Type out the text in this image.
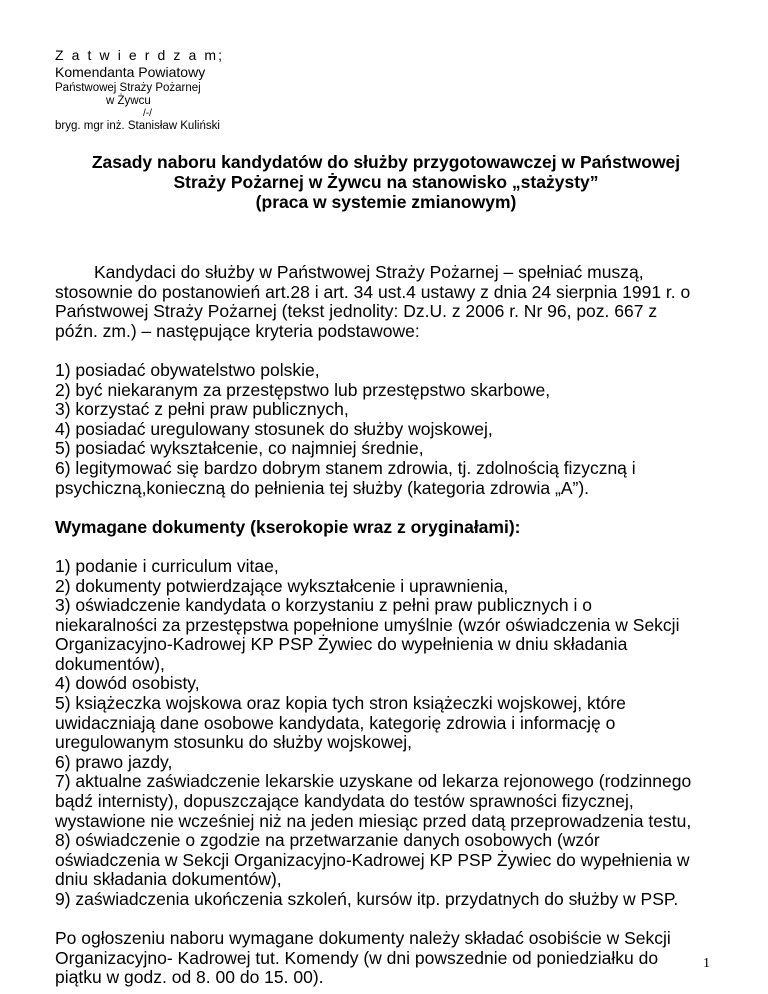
Z a t w i e r d z a m;
Komendanta Powiatowy
Państwowej Straży Pożarnej
w Żywcu
/-/
bryg. mgr inż. Stanisław Kuliński
Zasady naboru kandydatów do służby przygotowawczej w Państwowej
Straży Pożarnej w Żywcu na stanowisko „stażysty”
(praca w systemie zmianowym)
Kandydaci do służby w Państwowej Straży Pożarnej – spełniać muszą,
stosownie do postanowień art.28 i art. 34 ust.4 ustawy z dnia 24 sierpnia 1991 r. o
Państwowej Straży Pożarnej (tekst jednolity: Dz.U. z 2006 r. Nr 96, poz. 667 z
późn. zm.) – następujące kryteria podstawowe:
1) posiadać obywatelstwo polskie,
2) być niekaranym za przestępstwo lub przestępstwo skarbowe,
3) korzystać z pełni praw publicznych,
4) posiadać uregulowany stosunek do służby wojskowej,
5) posiadać wykształcenie, co najmniej średnie,
6) legitymować się bardzo dobrym stanem zdrowia, tj. zdolnością fizyczną i
psychiczną,konieczną do pełnienia tej służby (kategoria zdrowia „A”).
Wymagane dokumenty (kserokopie wraz z oryginałami):
1) podanie i curriculum vitae,
2) dokumenty potwierdzające wykształcenie i uprawnienia,
3) oświadczenie kandydata o korzystaniu z pełni praw publicznych i o
niekaralności za przestępstwa popełnione umyślnie (wzór oświadczenia w Sekcji
Organizacyjno-Kadrowej KP PSP Żywiec do wypełnienia w dniu składania
dokumentów),
4) dowód osobisty,
5) książeczka wojskowa oraz kopia tych stron książeczki wojskowej, które
uwidaczniają dane osobowe kandydata, kategorię zdrowia i informację o
uregulowanym stosunku do służby wojskowej,
6) prawo jazdy,
7) aktualne zaświadczenie lekarskie uzyskane od lekarza rejonowego (rodzinnego
bądź internisty), dopuszczające kandydata do testów sprawności fizycznej,
wystawione nie wcześniej niż na jeden miesiąc przed datą przeprowadzenia testu,
8) oświadczenie o zgodzie na przetwarzanie danych osobowych (wzór
oświadczenia w Sekcji Organizacyjno-Kadrowej KP PSP Żywiec do wypełnienia w
dniu składania dokumentów),
9) zaświadczenia ukończenia szkoleń, kursów itp. przydatnych do służby w PSP.
Po ogłoszeniu naboru wymagane dokumenty należy składać osobiście w Sekcji
Organizacyjno- Kadrowej tut. Komendy (w dni powszednie od poniedziałku do
piątku w godz. od 8. 00 do 15. 00).
1
